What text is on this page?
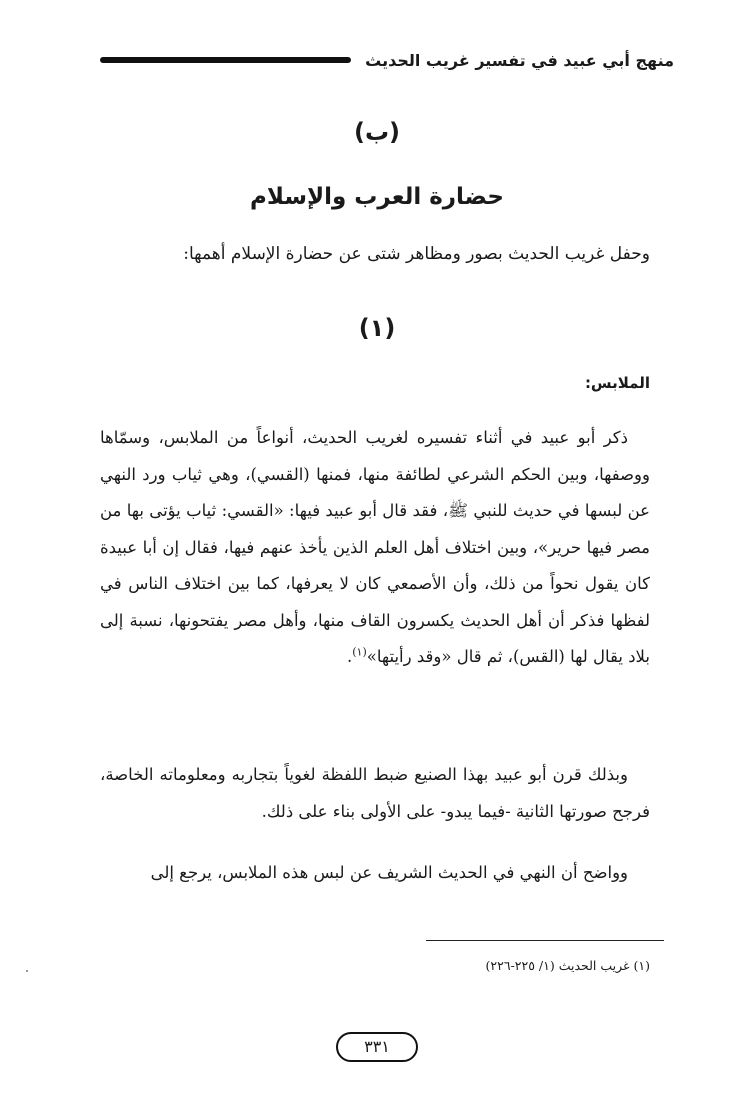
منهج أبي عبيد في تفسير غريب الحديث
(ب)
حضارة العرب والإسلام
وحفل غريب الحديث بصور ومظاهر شتى عن حضارة الإسلام أهمها:
(١)
الملابس:
ذكر أبو عبيد في أثناء تفسيره لغريب الحديث، أنواعاً من الملابس، وسمّاها ووصفها، وبين الحكم الشرعي لطائفة منها، فمنها (القسي)، وهي ثياب ورد النهي عن لبسها في حديث للنبي ﷺ، فقد قال أبو عبيد فيها: «القسي: ثياب يؤتى بها من مصر فيها حرير»، وبين اختلاف أهل العلم الذين يأخذ عنهم فيها، فقال إن أبا عبيدة كان يقول نحواً من ذلك، وأن الأصمعي كان لا يعرفها، كما بين اختلاف الناس في لفظها فذكر أن أهل الحديث يكسرون القاف منها، وأهل مصر يفتحونها، نسبة إلى بلاد يقال لها (القس)، ثم قال «وقد رأيتها»$^{(١)}$.
وبذلك قرن أبو عبيد بهذا الصنيع ضبط اللفظة لغوياً بتجاربه ومعلوماته الخاصة، فرجح صورتها الثانية -فيما يبدو- على الأولى بناء على ذلك.
وواضح أن النهي في الحديث الشريف عن لبس هذه الملابس، يرجع إلى
(١) غريب الحديث (١/ ٢٢٥-٢٢٦)
٣٣١
